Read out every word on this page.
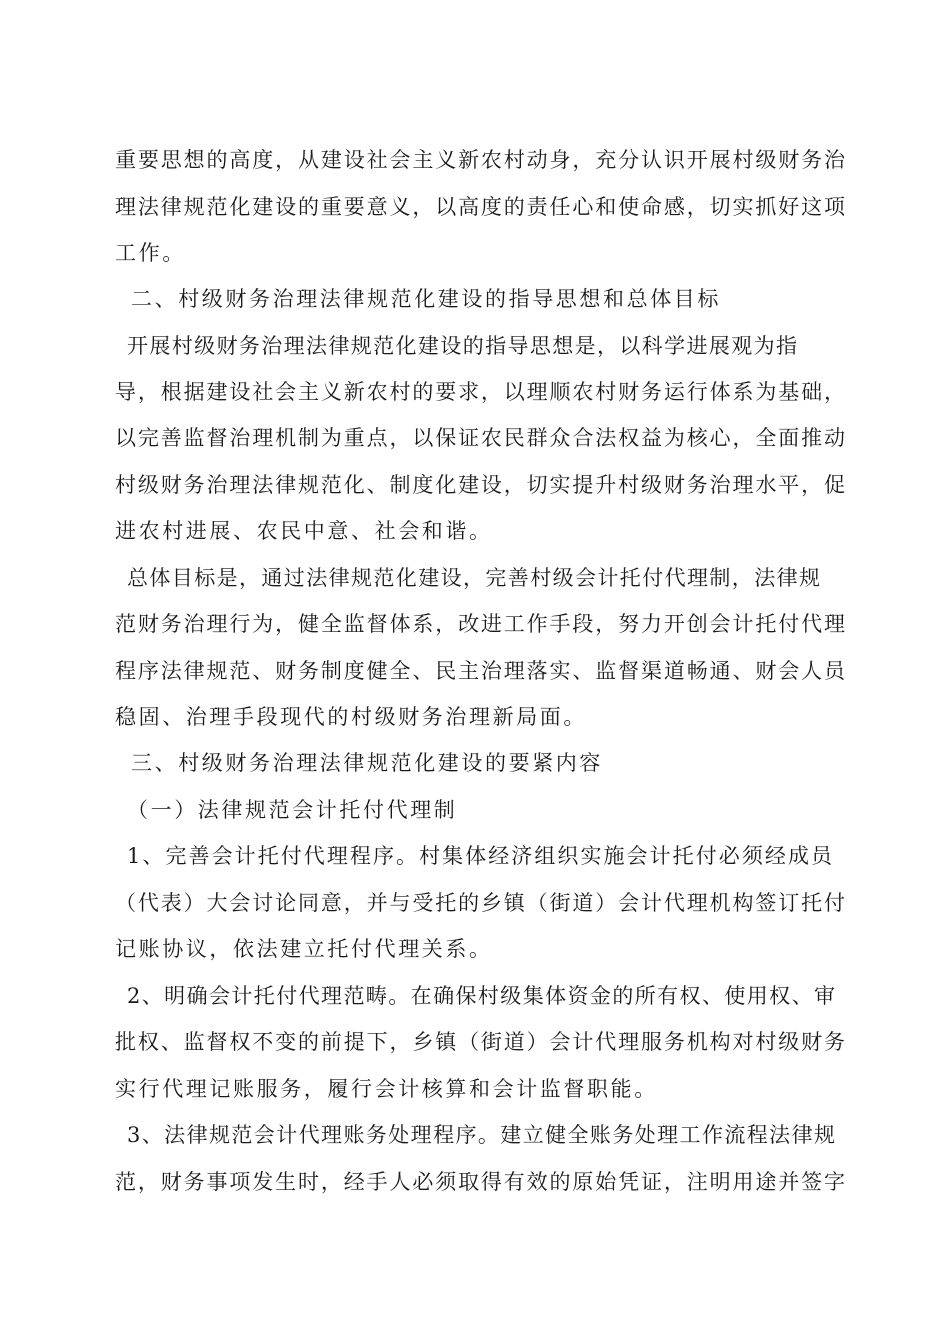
重要思想的高度，从建设社会主义新农村动身，充分认识开展村级财务治
理法律规范化建设的重要意义，以高度的责任心和使命感，切实抓好这项
工作。
二、村级财务治理法律规范化建设的指导思想和总体目标
开展村级财务治理法律规范化建设的指导思想是，以科学进展观为指
导，根据建设社会主义新农村的要求，以理顺农村财务运行体系为基础，
以完善监督治理机制为重点，以保证农民群众合法权益为核心，全面推动
村级财务治理法律规范化、制度化建设，切实提升村级财务治理水平，促
进农村进展、农民中意、社会和谐。
总体目标是，通过法律规范化建设，完善村级会计托付代理制，法律规
范财务治理行为，健全监督体系，改进工作手段，努力开创会计托付代理
程序法律规范、财务制度健全、民主治理落实、监督渠道畅通、财会人员
稳固、治理手段现代的村级财务治理新局面。
三、村级财务治理法律规范化建设的要紧内容
（一）法律规范会计托付代理制
1、完善会计托付代理程序。村集体经济组织实施会计托付必须经成员
（代表）大会讨论同意，并与受托的乡镇（街道）会计代理机构签订托付
记账协议，依法建立托付代理关系。
2、明确会计托付代理范畴。在确保村级集体资金的所有权、使用权、审
批权、监督权不变的前提下，乡镇（街道）会计代理服务机构对村级财务
实行代理记账服务，履行会计核算和会计监督职能。
3、法律规范会计代理账务处理程序。建立健全账务处理工作流程法律规
范，财务事项发生时，经手人必须取得有效的原始凭证，注明用途并签字
